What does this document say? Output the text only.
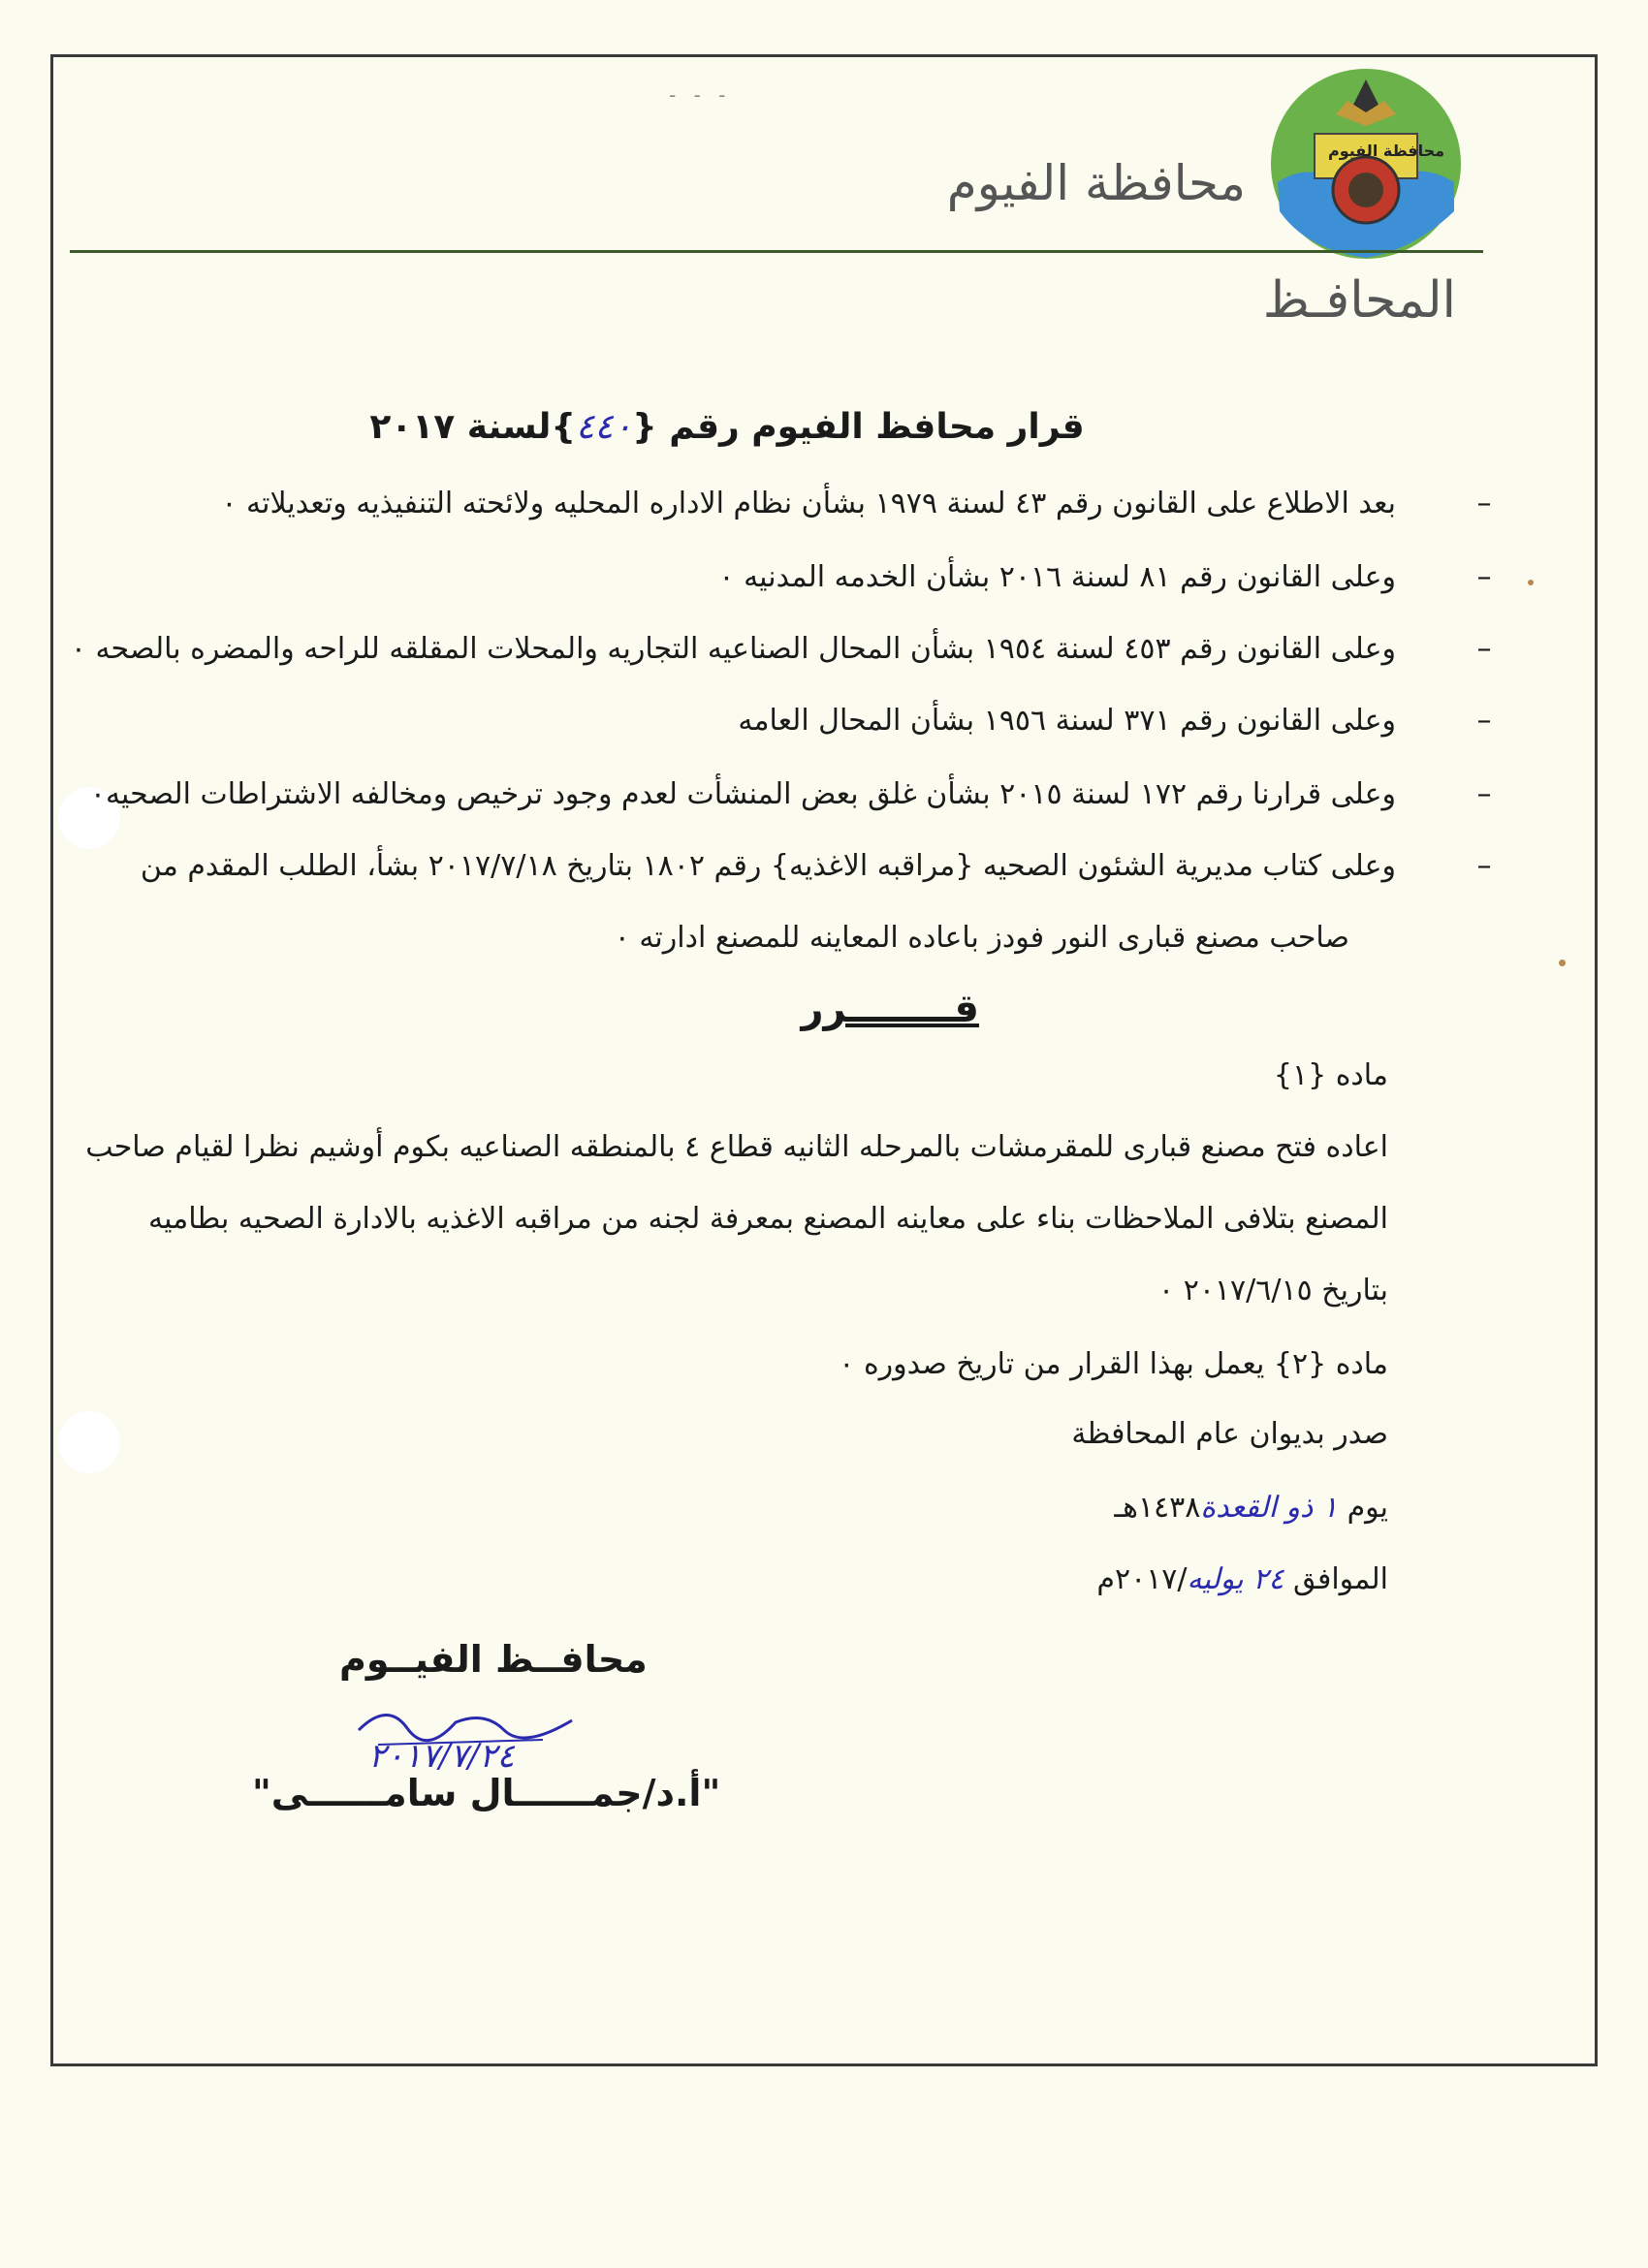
- - -
محافظة الفيوم
محافظة الفيوم
المحافـظ
قرار محافظ الفيوم رقم {٤٤٠}لسنة ٢٠١٧
–
بعد الاطلاع على القانون رقم ٤٣ لسنة ١٩٧٩ بشأن نظام الاداره المحليه ولائحته التنفيذيه وتعديلاته ٠
–
وعلى القانون رقم ٨١ لسنة ٢٠١٦ بشأن الخدمه المدنيه ٠
–
وعلى القانون رقم ٤٥٣ لسنة ١٩٥٤ بشأن المحال الصناعيه التجاريه والمحلات المقلقه للراحه والمضره بالصحه ٠
–
وعلى القانون رقم ٣٧١ لسنة ١٩٥٦ بشأن المحال العامه
–
وعلى قرارنا رقم ١٧٢ لسنة ٢٠١٥ بشأن غلق بعض المنشأت لعدم وجود ترخيص ومخالفه الاشتراطات الصحيه٠
–
وعلى كتاب مديرية الشئون الصحيه {مراقبه الاغذيه} رقم ١٨٠٢ بتاريخ ٢٠١٧/٧/١٨ بشأ، الطلب المقدم من
صاحب مصنع قبارى النور فودز باعاده المعاينه للمصنع ادارته ٠
قــــــــرر
ماده {١}
اعاده فتح مصنع قبارى للمقرمشات بالمرحله الثانيه قطاع ٤ بالمنطقه الصناعيه بكوم أوشيم نظرا لقيام صاحب
المصنع بتلافى الملاحظات بناء على معاينه المصنع بمعرفة لجنه من مراقبه الاغذيه بالادارة الصحيه بطاميه
بتاريخ ٢٠١٧/٦/١٥ ٠
ماده {٢} يعمل بهذا القرار من تاريخ صدوره ٠
صدر بديوان عام المحافظة
يوم ١ ذو القعدة١٤٣٨هـ
الموافق ٢٤ يوليه/٢٠١٧م
محافــظ الفيــوم
٢٠١٧/٧/٢٤
"أ.د/جمــــــال سامــــــى"
